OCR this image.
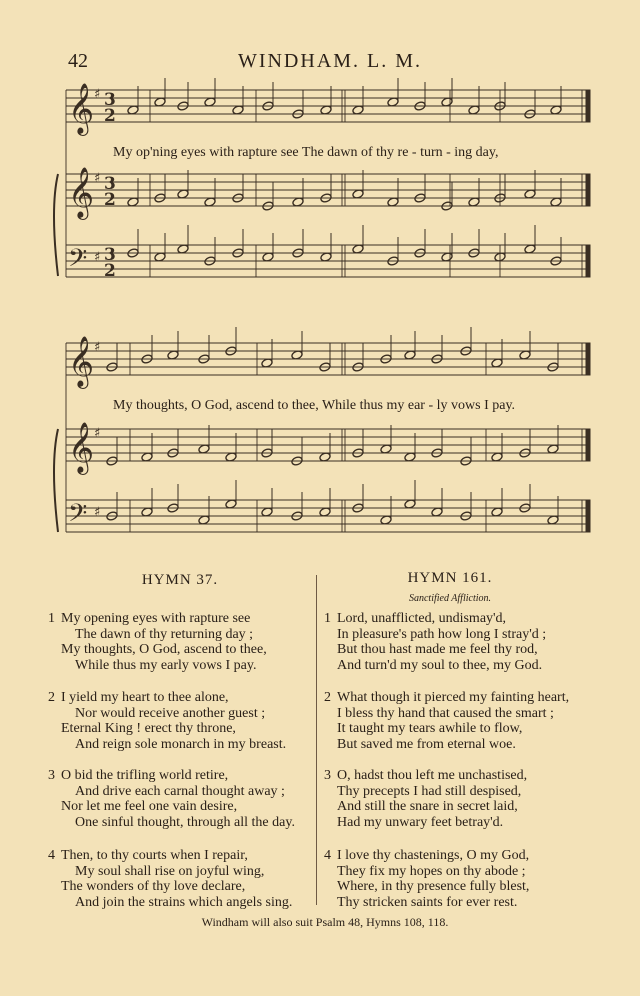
42	WINDHAM. L. M.
𝄞 ♯ 3
2
𝄞 ♯ 3
2
𝄢 ♯ 3
2
𝄞 ♯
𝄞 ♯
𝄢 ♯
My op'ning eyes with rapture see The dawn of thy re - turn - ing day,
My thoughts, O God, ascend to thee, While thus my ear - ly vows I pay.
HYMN 37.
1 My opening eyes with rapture see
The dawn of thy returning day ;
My thoughts, O God, ascend to thee,
While thus my early vows I pay.
2 I yield my heart to thee alone,
Nor would receive another guest ;
Eternal King ! erect thy throne,
And reign sole monarch in my breast.
3 O bid the trifling world retire,
And drive each carnal thought away ;
Nor let me feel one vain desire,
One sinful thought, through all the day.
4 Then, to thy courts when I repair,
My soul shall rise on joyful wing,
The wonders of thy love declare,
And join the strains which angels sing.
HYMN 161.
Sanctified Affliction.
1 Lord, unafflicted, undismay'd,
In pleasure's path how long I stray'd ;
But thou hast made me feel thy rod,
And turn'd my soul to thee, my God.
2 What though it pierced my fainting heart,
I bless thy hand that caused the smart ;
It taught my tears awhile to flow,
But saved me from eternal woe.
3 O, hadst thou left me unchastised,
Thy precepts I had still despised,
And still the snare in secret laid,
Had my unwary feet betray'd.
4 I love thy chastenings, O my God,
They fix my hopes on thy abode ;
Where, in thy presence fully blest,
Thy stricken saints for ever rest.
Windham will also suit Psalm 48, Hymns 108, 118.
